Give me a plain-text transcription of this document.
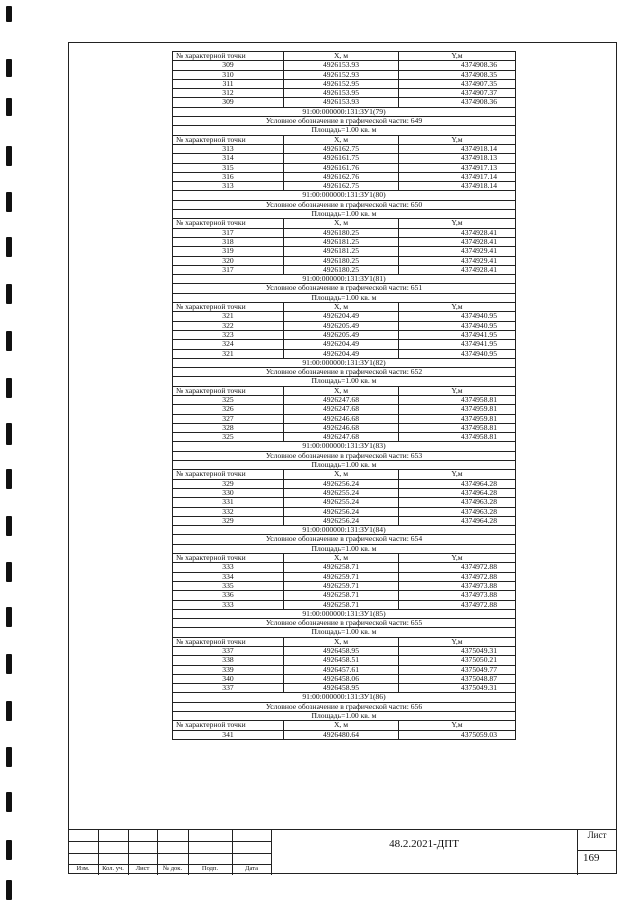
№ характерной точки	X, м	Y,м
309	4926153.93	4374908.36
310	4926152.93	4374908.35
311	4926152.95	4374907.35
312	4926153.95	4374907.37
309	4926153.93	4374908.36
91:00:000000:131:ЗУ1(79)		
Условное обозначение в графической части: 649		
Площадь=1.00 кв. м		
№ характерной точки	X, м	Y,м
313	4926162.75	4374918.14
314	4926161.75	4374918.13
315	4926161.76	4374917.13
316	4926162.76	4374917.14
313	4926162.75	4374918.14
91:00:000000:131:ЗУ1(80)		
Условное обозначение в графической части: 650		
Площадь=1.00 кв. м		
№ характерной точки	X, м	Y,м
317	4926180.25	4374928.41
318	4926181.25	4374928.41
319	4926181.25	4374929.41
320	4926180.25	4374929.41
317	4926180.25	4374928.41
91:00:000000:131:ЗУ1(81)		
Условное обозначение в графической части: 651		
Площадь=1.00 кв. м		
№ характерной точки	X, м	Y,м
321	4926204.49	4374940.95
322	4926205.49	4374940.95
323	4926205.49	4374941.95
324	4926204.49	4374941.95
321	4926204.49	4374940.95
91:00:000000:131:ЗУ1(82)		
Условное обозначение в графической части: 652		
Площадь=1.00 кв. м		
№ характерной точки	X, м	Y,м
325	4926247.68	4374958.81
326	4926247.68	4374959.81
327	4926246.68	4374959.81
328	4926246.68	4374958.81
325	4926247.68	4374958.81
91:00:000000:131:ЗУ1(83)		
Условное обозначение в графической части: 653		
Площадь=1.00 кв. м		
№ характерной точки	X, м	Y,м
329	4926256.24	4374964.28
330	4926255.24	4374964.28
331	4926255.24	4374963.28
332	4926256.24	4374963.28
329	4926256.24	4374964.28
91:00:000000:131:ЗУ1(84)		
Условное обозначение в графической части: 654		
Площадь=1.00 кв. м		
№ характерной точки	X, м	Y,м
333	4926258.71	4374972.88
334	4926259.71	4374972.88
335	4926259.71	4374973.88
336	4926258.71	4374973.88
333	4926258.71	4374972.88
91:00:000000:131:ЗУ1(85)		
Условное обозначение в графической части: 655		
Площадь=1.00 кв. м		
№ характерной точки	X, м	Y,м
337	4926458.95	4375049.31
338	4926458.51	4375050.21
339	4926457.61	4375049.77
340	4926458.06	4375048.87
337	4926458.95	4375049.31
91:00:000000:131:ЗУ1(86)		
Условное обозначение в графической части: 656		
Площадь=1.00 кв. м		
№ характерной точки	X, м	Y,м
341	4926480.64	4375059.03
Изм.	Кол. уч.	Лист	№ док.	Подп.	Дата
48.2.2021-ДПТ
Лист
169
